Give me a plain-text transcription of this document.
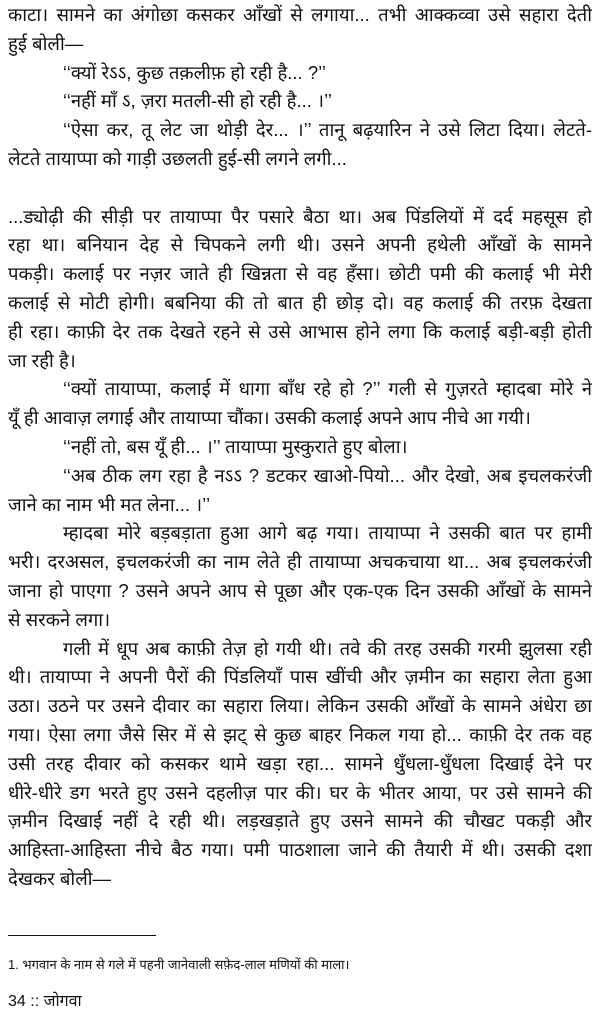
काटा। सामने का अंगोछा कसकर आँखों से लगाया... तभी आक्कव्वा उसे सहारा देती
हुई बोली—
‘‘क्यों रेऽऽ, कुछ तक़लीफ़ हो रही है... ?’’
‘‘नहीं माँ ऽ, ज़रा मतली-सी हो रही है... ।’’
‘‘ऐसा कर, तू लेट जा थोड़ी देर... ।’’ तानू बढ़यारिन ने उसे लिटा दिया। लेटते-
लेटते तायाप्पा को गाड़ी उछलती हुई-सी लगने लगी...
...ड्योढ़ी की सीड़ी पर तायाप्पा पैर पसारे बैठा था। अब पिंडलियों में दर्द महसूस हो
रहा था। बनियान देह से चिपकने लगी थी। उसने अपनी हथेली आँखों के सामने
पकड़ी। कलाई पर नज़र जाते ही खिन्नता से वह हँसा। छोटी पमी की कलाई भी मेरी
कलाई से मोटी होगी। बबनिया की तो बात ही छोड़ दो। वह कलाई की तरफ़ देखता
ही रहा। काफ़ी देर तक देखते रहने से उसे आभास होने लगा कि कलाई बड़ी-बड़ी होती
जा रही है।
‘‘क्यों तायाप्पा, कलाई में धागा बाँध रहे हो ?’’ गली से गुज़रते म्हादबा मोरे ने
यूँ ही आवाज़ लगाई और तायाप्पा चौंका। उसकी कलाई अपने आप नीचे आ गयी।
‘‘नहीं तो, बस यूँ ही... ।’’ तायाप्पा मुस्कुराते हुए बोला।
‘‘अब ठीक लग रहा है नऽऽ ? डटकर खाओ-पियो... और देखो, अब इचलकरंजी
जाने का नाम भी मत लेना... ।’’
म्हादबा मोरे बड़बड़ाता हुआ आगे बढ़ गया। तायाप्पा ने उसकी बात पर हामी
भरी। दरअसल, इचलकरंजी का नाम लेते ही तायाप्पा अचकचाया था... अब इचलकरंजी
जाना हो पाएगा ? उसने अपने आप से पूछा और एक-एक दिन उसकी आँखों के सामने
से सरकने लगा।
गली में धूप अब काफ़ी तेज़ हो गयी थी। तवे की तरह उसकी गरमी झुलसा रही
थी। तायाप्पा ने अपनी पैरों की पिंडलियाँ पास खींची और ज़मीन का सहारा लेता हुआ
उठा। उठने पर उसने दीवार का सहारा लिया। लेकिन उसकी आँखों के सामने अंधेरा छा
गया। ऐसा लगा जैसे सिर में से झट् से कुछ बाहर निकल गया हो... काफ़ी देर तक वह
उसी तरह दीवार को कसकर थामे खड़ा रहा... सामने धुँधला-धुँधला दिखाई देने पर
धीरे-धीरे डग भरते हुए उसने दहलीज़ पार की। घर के भीतर आया, पर उसे सामने की
ज़मीन दिखाई नहीं दे रही थी। लड़खड़ाते हुए उसने सामने की चौखट पकड़ी और
आहिस्ता-आहिस्ता नीचे बैठ गया। पमी पाठशाला जाने की तैयारी में थी। उसकी दशा
देखकर बोली—
1. भगवान के नाम से गले में पहनी जानेवाली सफ़ेद-लाल मणियों की माला।
34 :: जोगवा
